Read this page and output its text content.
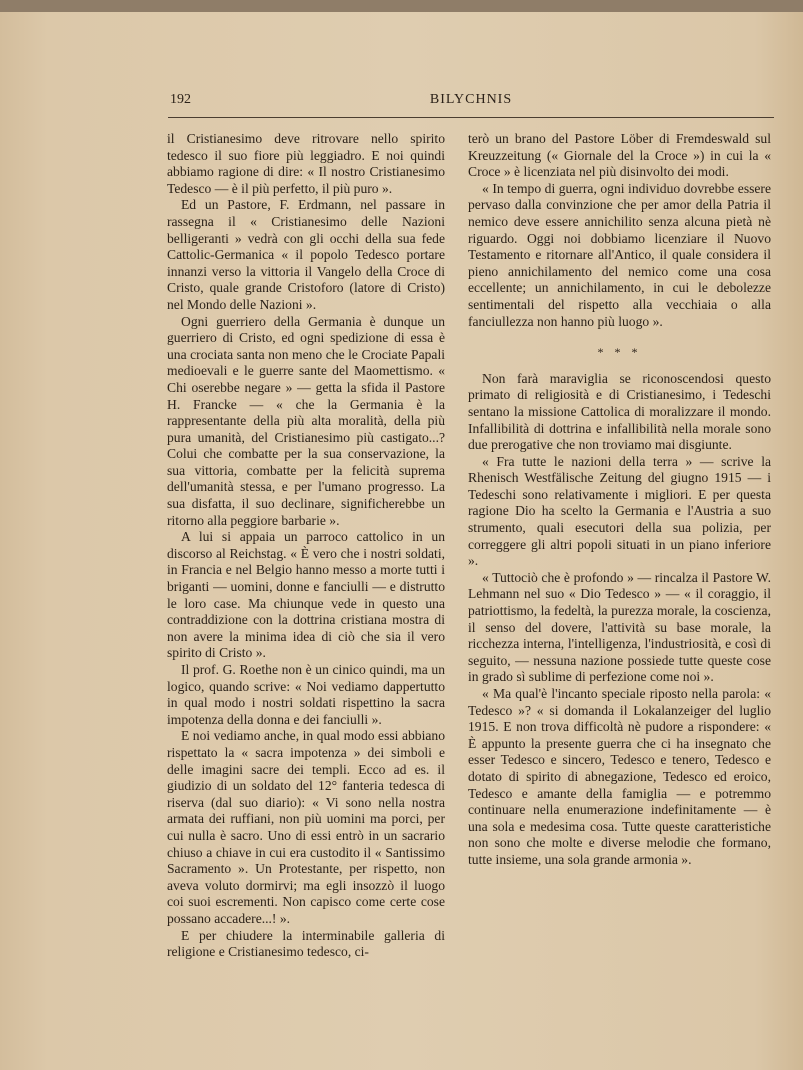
192	BILYCHNIS

il Cristianesimo deve ritrovare nello spirito tedesco il suo fiore più leggiadro. E noi quindi abbiamo ragione di dire: « Il nostro Cristianesimo Tedesco — è il più perfetto, il più puro ».

Ed un Pastore, F. Erdmann, nel passare in rassegna il « Cristianesimo delle Nazioni belligeranti » vedrà con gli occhi della sua fede Cattolic-Germanica « il popolo Tedesco portare innanzi verso la vittoria il Vangelo della Croce di Cristo, quale grande Cristoforo (latore di Cristo) nel Mondo delle Nazioni ».

Ogni guerriero della Germania è dunque un guerriero di Cristo, ed ogni spedizione di essa è una crociata santa non meno che le Crociate Papali medioevali e le guerre sante del Maomettismo. « Chi oserebbe negare » — getta la sfida il Pastore H. Francke — « che la Germania è la rappresentante della più alta moralità, della più pura umanità, del Cristianesimo più castigato...? Colui che combatte per la sua conservazione, la sua vittoria, combatte per la felicità suprema dell'umanità stessa, e per l'umano progresso. La sua disfatta, il suo declinare, significherebbe un ritorno alla peggiore barbarie ».

A lui si appaia un parroco cattolico in un discorso al Reichstag. « È vero che i nostri soldati, in Francia e nel Belgio hanno messo a morte tutti i briganti — uomini, donne e fanciulli — e distrutto le loro case. Ma chiunque vede in questo una contraddizione con la dottrina cristiana mostra di non avere la minima idea di ciò che sia il vero spirito di Cristo ».

Il prof. G. Roethe non è un cinico quindi, ma un logico, quando scrive: « Noi vediamo dappertutto in qual modo i nostri soldati rispettino la sacra impotenza della donna e dei fanciulli ».

E noi vediamo anche, in qual modo essi abbiano rispettato la « sacra impotenza » dei simboli e delle imagini sacre dei templi. Ecco ad es. il giudizio di un soldato del 12° fanteria tedesca di riserva (dal suo diario): « Vi sono nella nostra armata dei ruffiani, non più uomini ma porci, per cui nulla è sacro. Uno di essi entrò in un sacrario chiuso a chiave in cui era custodito il « Santissimo Sacramento ». Un Protestante, per rispetto, non aveva voluto dormirvi; ma egli insozzò il luogo coi suoi escrementi. Non capisco come certe cose possano accadere...! ».

E per chiudere la interminabile galleria di religione e Cristianesimo tedesco, ci-

terò un brano del Pastore Löber di Fremdeswald sul Kreuzzeitung (« Giornale del la Croce ») in cui la « Croce » è licenziata nel più disinvolto dei modi.

« In tempo di guerra, ogni individuo dovrebbe essere pervaso dalla convinzione che per amor della Patria il nemico deve essere annichilito senza alcuna pietà nè riguardo. Oggi noi dobbiamo licenziare il Nuovo Testamento e ritornare all'Antico, il quale considera il pieno annichilamento del nemico come una cosa eccellente; un annichilamento, in cui le debolezze sentimentali del rispetto alla vecchiaia o alla fanciullezza non hanno più luogo ».

* * *

Non farà maraviglia se riconoscendosi questo primato di religiosità e di Cristianesimo, i Tedeschi sentano la missione Cattolica di moralizzare il mondo. Infallibilità di dottrina e infallibilità nella morale sono due prerogative che non troviamo mai disgiunte.

« Fra tutte le nazioni della terra » — scrive la Rhenisch Westfälische Zeitung del giugno 1915 — i Tedeschi sono relativamente i migliori. E per questa ragione Dio ha scelto la Germania e l'Austria a suo strumento, quali esecutori della sua polizia, per correggere gli altri popoli situati in un piano inferiore ».

« Tuttociò che è profondo » — rincalza il Pastore W. Lehmann nel suo « Dio Tedesco » — « il coraggio, il patriottismo, la fedeltà, la purezza morale, la coscienza, il senso del dovere, l'attività su base morale, la ricchezza interna, l'intelligenza, l'industriosità, e così di seguito, — nessuna nazione possiede tutte queste cose in grado sì sublime di perfezione come noi ».

« Ma qual'è l'incanto speciale riposto nella parola: « Tedesco »? « si domanda il Lokalanzeiger del luglio 1915. E non trova difficoltà nè pudore a rispondere: « È appunto la presente guerra che ci ha insegnato che esser Tedesco e sincero, Tedesco e tenero, Tedesco e dotato di spirito di abnegazione, Tedesco ed eroico, Tedesco e amante della famiglia — e potremmo continuare nella enumerazione indefinitamente — è una sola e medesima cosa. Tutte queste caratteristiche non sono che molte e diverse melodie che formano, tutte insieme, una sola grande armonia ».
